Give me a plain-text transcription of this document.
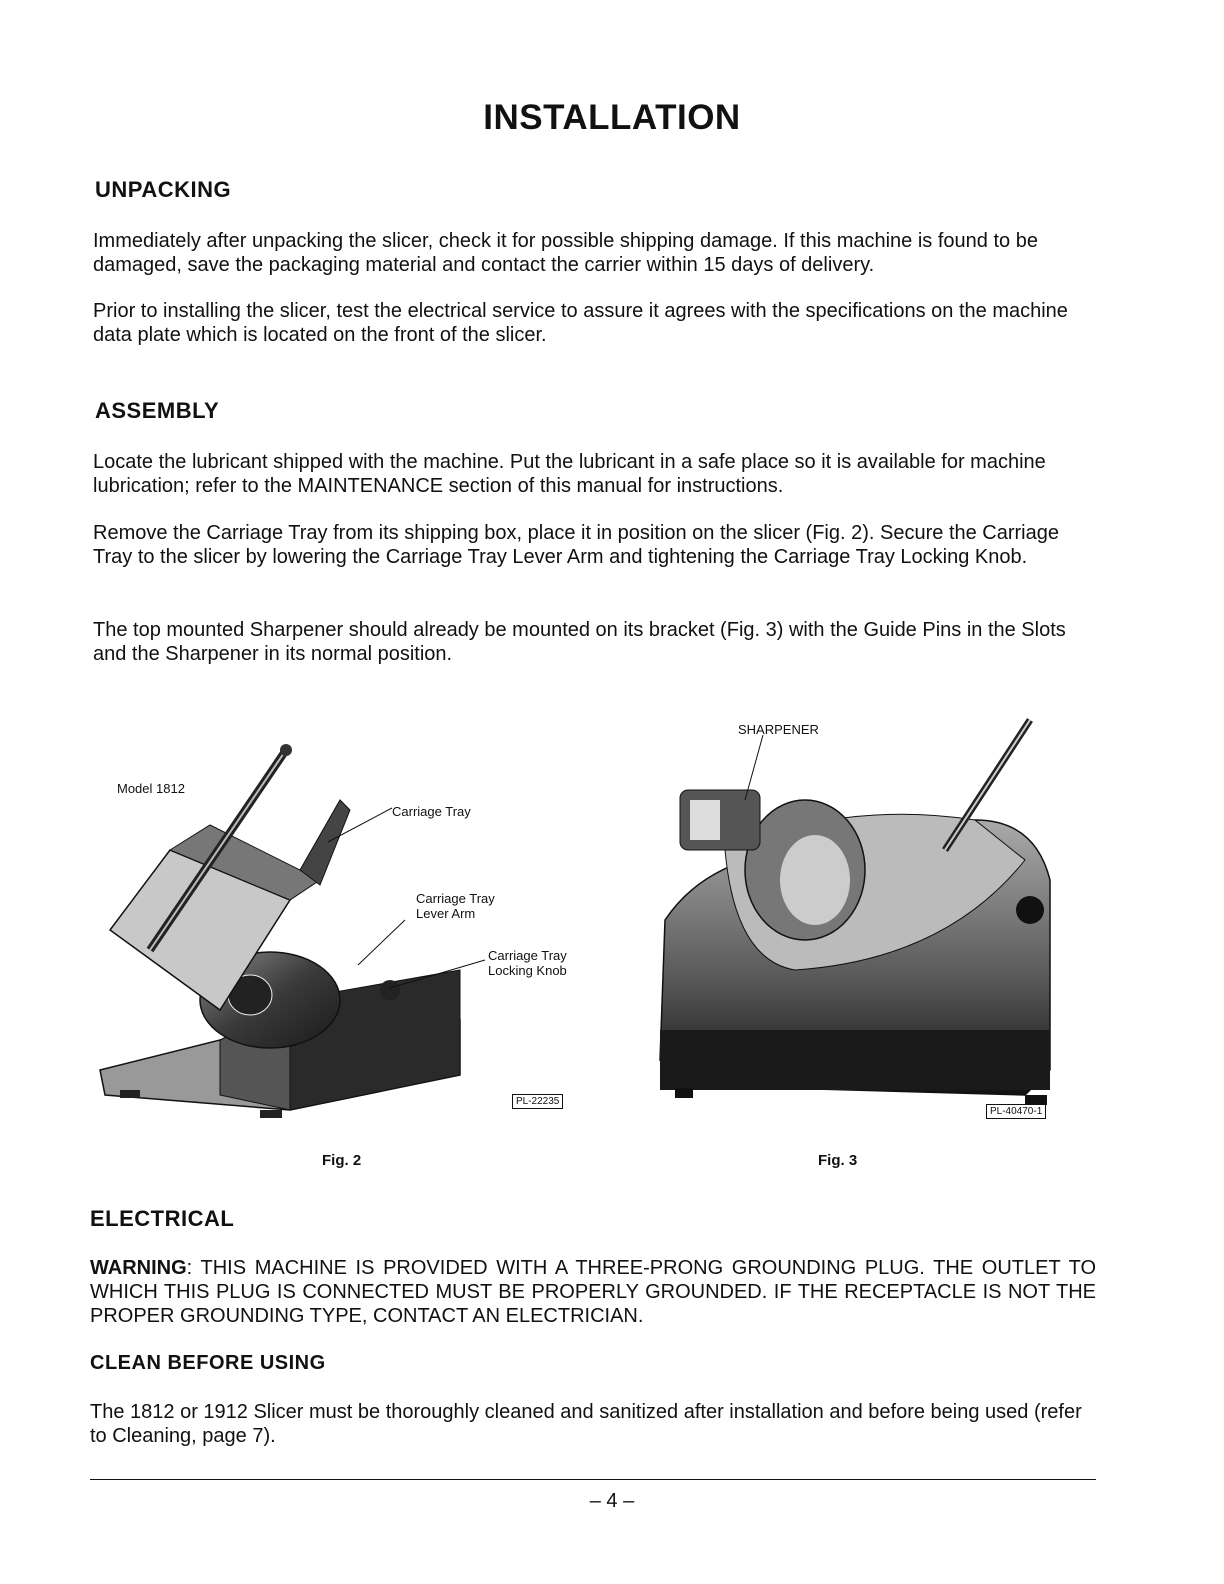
INSTALLATION
UNPACKING
Immediately after unpacking the slicer, check it for possible shipping damage. If this machine is found to be damaged, save the packaging material and contact the carrier within 15 days of delivery.
Prior to installing the slicer, test the electrical service to assure it agrees with the specifications on the machine data plate which is located on the front of the slicer.
ASSEMBLY
Locate the lubricant shipped with the machine. Put the lubricant in a safe place so it is available for machine lubrication; refer to the MAINTENANCE section of this manual for instructions.
Remove the Carriage Tray from its shipping box, place it in position on the slicer (Fig. 2). Secure the Carriage Tray to the slicer by lowering the Carriage Tray Lever Arm and tightening the Carriage Tray Locking Knob.
The top mounted Sharpener should already be mounted on its bracket (Fig. 3) with the Guide Pins in the Slots and the Sharpener in its normal position.
Model 1812
Carriage Tray
Carriage Tray
Lever Arm
Carriage Tray
Locking Knob
PL-22235
Fig. 2
SHARPENER
PL-40470-1
Fig. 3
ELECTRICAL
WARNING: THIS MACHINE IS PROVIDED WITH A THREE-PRONG GROUNDING PLUG. THE OUTLET TO WHICH THIS PLUG IS CONNECTED MUST BE PROPERLY GROUNDED. IF THE RECEPTACLE IS NOT THE PROPER GROUNDING TYPE, CONTACT AN ELECTRICIAN.
CLEAN BEFORE USING
The 1812 or 1912 Slicer must be thoroughly cleaned and sanitized after installation and before being used (refer to Cleaning, page 7).
– 4 –
